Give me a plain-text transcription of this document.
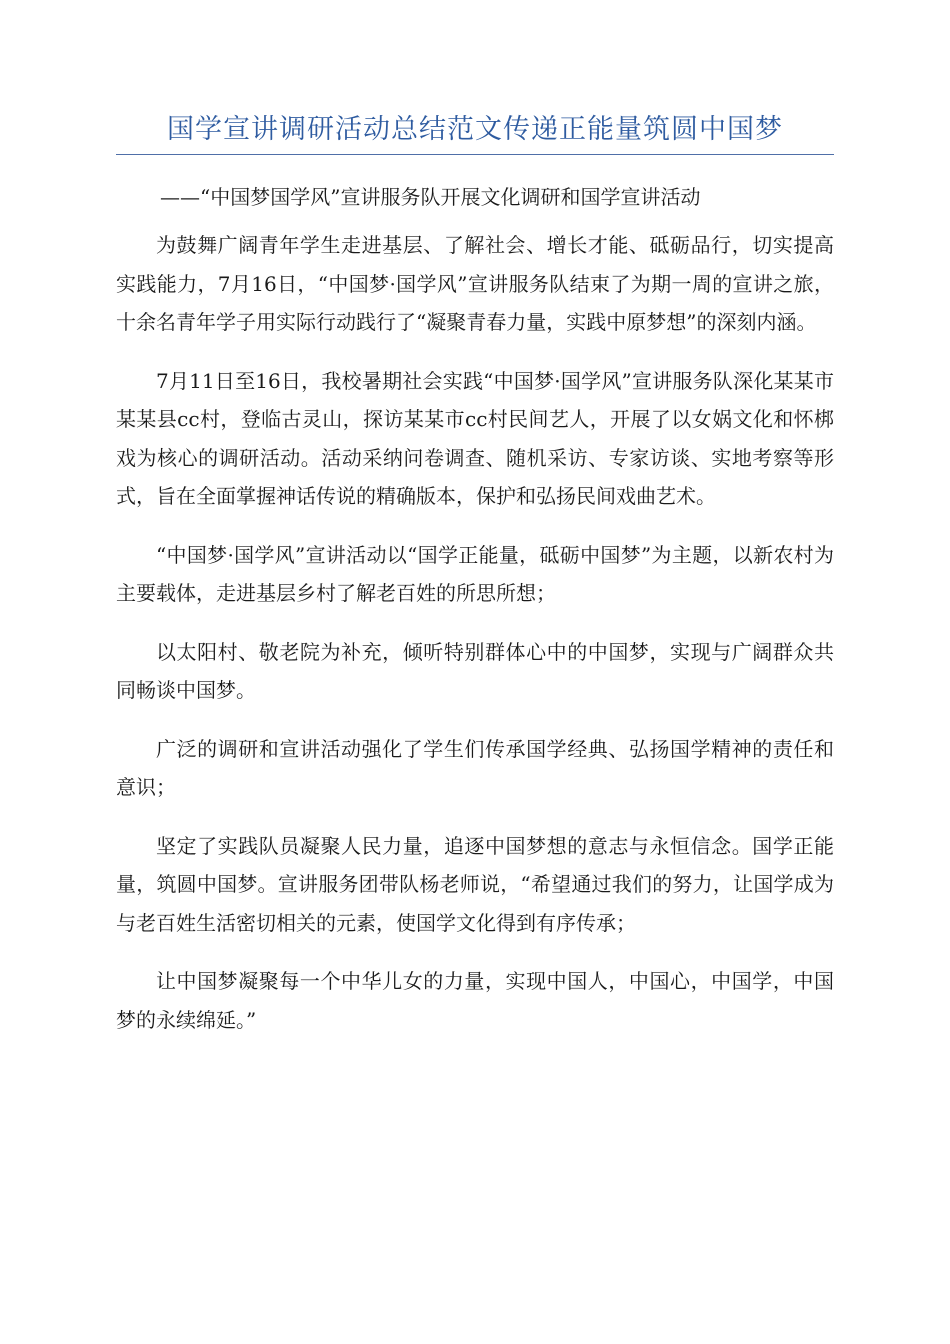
国学宣讲调研活动总结范文传递正能量筑圆中国梦
——“中国梦国学风”宣讲服务队开展文化调研和国学宣讲活动

为鼓舞广阔青年学生走进基层、了解社会、增长才能、砥砺品行，切实提高实践能力，7月16日，“中国梦·国学风”宣讲服务队结束了为期一周的宣讲之旅，十余名青年学子用实际行动践行了“凝聚青春力量，实践中原梦想”的深刻内涵。

7月11日至16日，我校暑期社会实践“中国梦·国学风”宣讲服务队深化某某市某某县cc村，登临古灵山，探访某某市cc村民间艺人，开展了以女娲文化和怀梆戏为核心的调研活动。活动采纳问卷调查、随机采访、专家访谈、实地考察等形式，旨在全面掌握神话传说的精确版本，保护和弘扬民间戏曲艺术。

“中国梦·国学风”宣讲活动以“国学正能量，砥砺中国梦”为主题，以新农村为主要载体，走进基层乡村了解老百姓的所思所想；

以太阳村、敬老院为补充，倾听特别群体心中的中国梦，实现与广阔群众共同畅谈中国梦。

广泛的调研和宣讲活动强化了学生们传承国学经典、弘扬国学精神的责任和意识；

坚定了实践队员凝聚人民力量，追逐中国梦想的意志与永恒信念。国学正能量，筑圆中国梦。宣讲服务团带队杨老师说，“希望通过我们的努力，让国学成为与老百姓生活密切相关的元素，使国学文化得到有序传承；

让中国梦凝聚每一个中华儿女的力量，实现中国人，中国心，中国学，中国梦的永续绵延。”
